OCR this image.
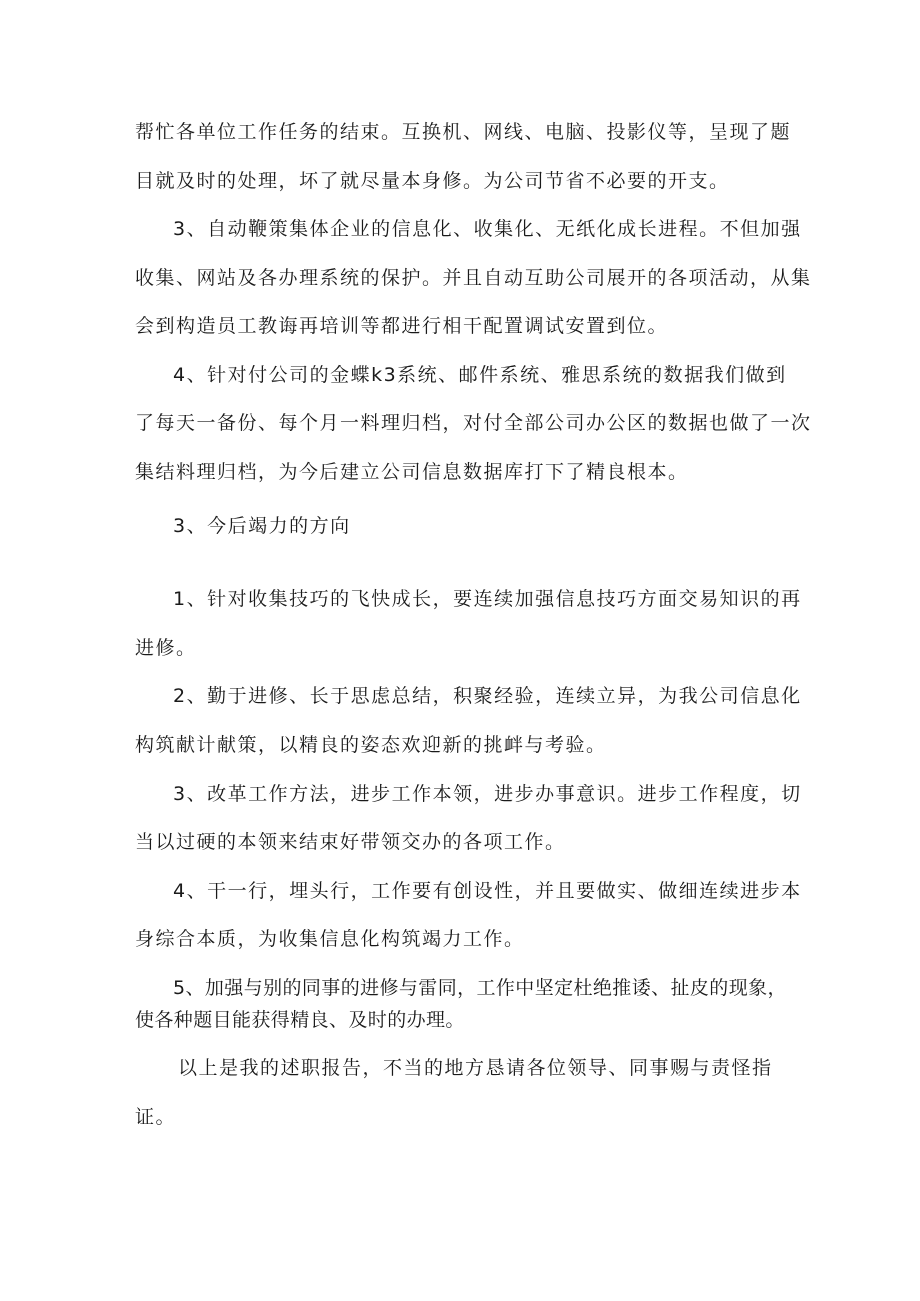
帮忙各单位工作任务的结束。互换机、网线、电脑、投影仪等，呈现了题
目就及时的处理，坏了就尽量本身修。为公司节省不必要的开支。
3、自动鞭策集体企业的信息化、收集化、无纸化成长进程。不但加强
收集、网站及各办理系统的保护。并且自动互助公司展开的各项活动，从集
会到构造员工教诲再培训等都进行相干配置调试安置到位。
4、针对付公司的金蝶k3系统、邮件系统、雅思系统的数据我们做到
了每天一备份、每个月一料理归档，对付全部公司办公区的数据也做了一次
集结料理归档，为今后建立公司信息数据库打下了精良根本。
3、今后竭力的方向
1、针对收集技巧的飞快成长，要连续加强信息技巧方面交易知识的再
进修。
2、勤于进修、长于思虑总结，积聚经验，连续立异，为我公司信息化
构筑献计献策，以精良的姿态欢迎新的挑衅与考验。
3、改革工作方法，进步工作本领，进步办事意识。进步工作程度，切
当以过硬的本领来结束好带领交办的各项工作。
4、干一行，埋头行，工作要有创设性，并且要做实、做细连续进步本
身综合本质，为收集信息化构筑竭力工作。
5、加强与别的同事的进修与雷同，工作中坚定杜绝推诿、扯皮的现象，
使各种题目能获得精良、及时的办理。
以上是我的述职报告，不当的地方恳请各位领导、同事赐与责怪指
证。
